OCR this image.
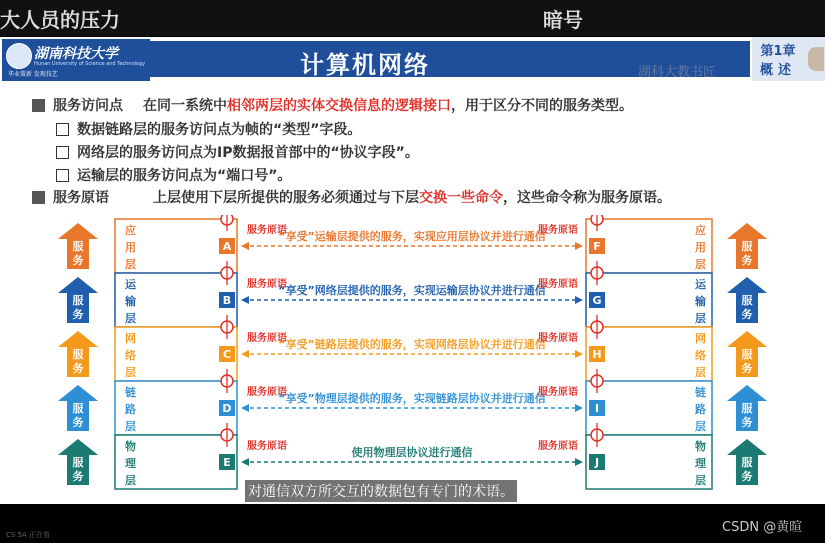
大人员的压力	暗号
湖南科技大学
Hunan University of Science and Technology
毕业策新 发现技艺	计算机网络	第1章
概述
湖科大教书匠
服务访问点 在同一系统中相邻两层的实体交换信息的逻辑接口，用于区分不同的服务类型。
数据链路层的服务访问点为帧的“类型”字段。
网络层的服务访问点为IP数据报首部中的“协议字段”。
运输层的服务访问点为“端口号”。
服务原语	上层使用下层所提供的服务必须通过与下层交换一些命令，这些命令称为服务原语。
应	应
用	用
层	层
服
务
服
务
A	F
“享受”运输层提供的服务，实现应用层协议并进行通信
服务原语	服务原语
运	运
输	输
层	层
服
务
服
务
B	G
“享受”网络层提供的服务，实现运输层协议并进行通信
服务原语	服务原语
网	网
络	络
层	层
服
务
服
务
C	H
“享受”链路层提供的服务，实现网络层协议并进行通信
服务原语	服务原语
链	链
路	路
层	层
服
务
服
务
D	I
“享受”物理层提供的服务，实现链路层协议并进行通信
服务原语	服务原语
物	物
理	理
层	层
服
务
服
务
E	J
使用物理层协议进行通信
服务原语	服务原语
对通信双方所交互的数据包有专门的术语。
CS 5A 正在看	CSDN @黄暄
